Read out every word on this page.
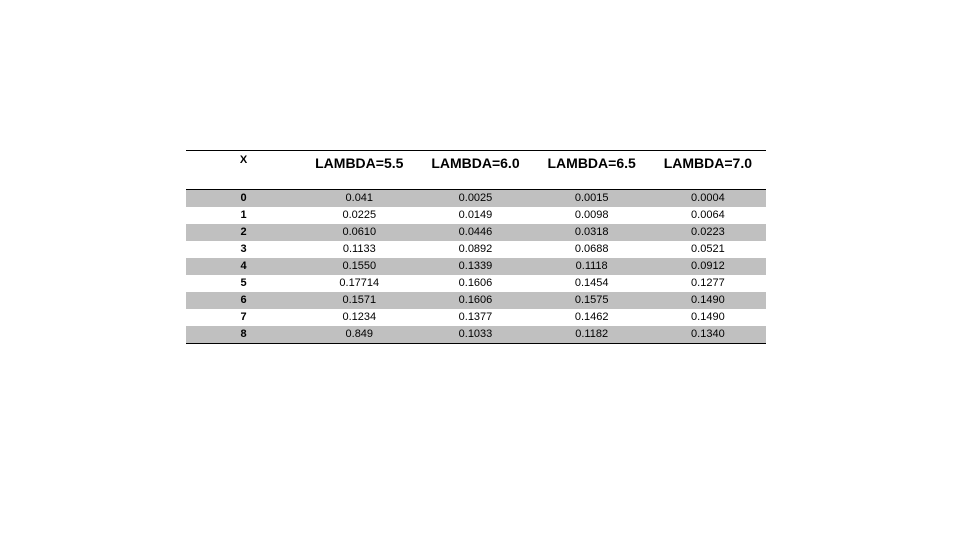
X	LAMBDA=5.5	LAMBDA=6.0	LAMBDA=6.5	LAMBDA=7.0
0	0.041	0.0025	0.0015	0.0004
1	0.0225	0.0149	0.0098	0.0064
2	0.0610	0.0446	0.0318	0.0223
3	0.1133	0.0892	0.0688	0.0521
4	0.1550	0.1339	0.1118	0.0912
5	0.17714	0.1606	0.1454	0.1277
6	0.1571	0.1606	0.1575	0.1490
7	0.1234	0.1377	0.1462	0.1490
8	0.849	0.1033	0.1182	0.1340
